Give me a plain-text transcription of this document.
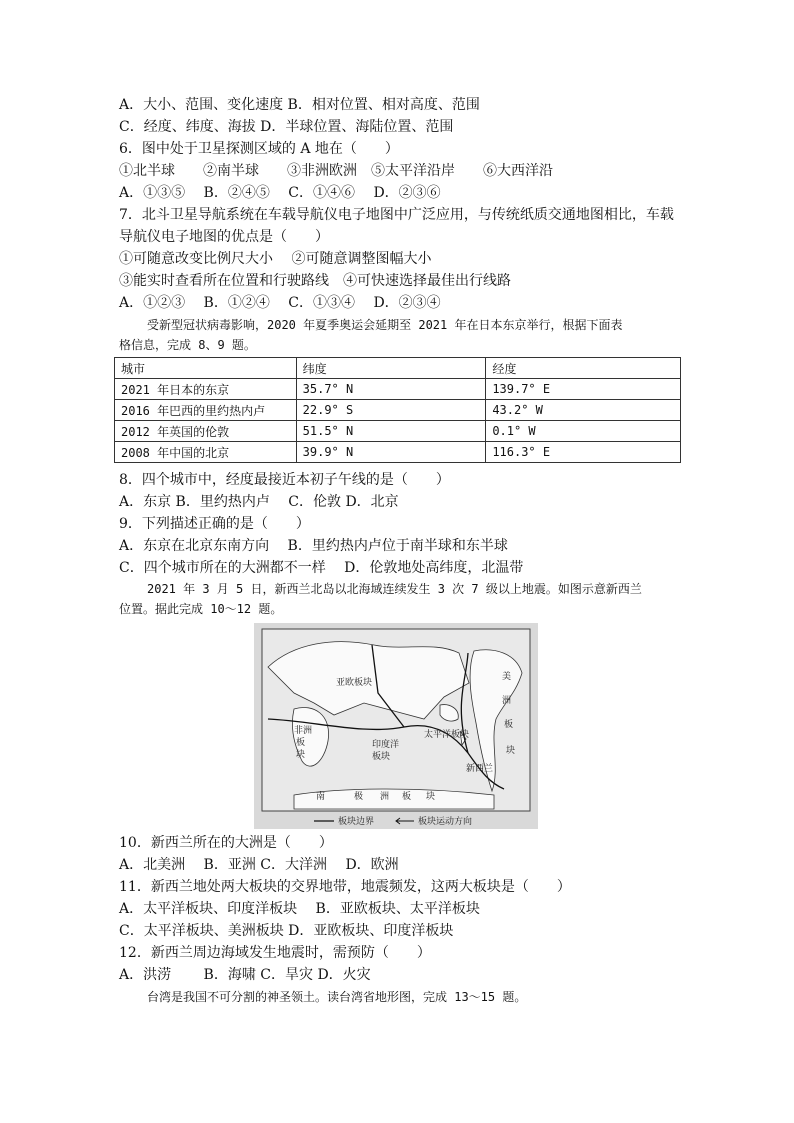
A．大小、范围、变化速度 B．相对位置、相对高度、范围
C．经度、纬度、海拔 D．半球位置、海陆位置、范围
6．图中处于卫星探测区域的 A 地在（　　）
①北半球　　②南半球　　③非洲欧洲　⑤太平洋沿岸　　⑥大西洋沿
A．①③⑤　 B．②④⑤　 C．①④⑥　 D．②③⑥
7．北斗卫星导航系统在车载导航仪电子地图中广泛应用，与传统纸质交通地图相比，车载
导航仪电子地图的优点是（　　）
①可随意改变比例尺大小　 ②可随意调整图幅大小
③能实时查看所在位置和行驶路线　④可快速选择最佳出行线路
A．①②③　 B．①②④　 C．①③④　 D．②③④
受新型冠状病毒影响，2020 年夏季奥运会延期至 2021 年在日本东京举行，根据下面表
格信息，完成 8、9 题。
城市	纬度	经度
2021 年日本的东京	35.7° N	139.7° E
2016 年巴西的里约热内卢	22.9° S	43.2° W
2012 年英国的伦敦	51.5° N	0.1° W
2008 年中国的北京	39.9° N	116.3° E
8．四个城市中，经度最接近本初子午线的是（　　）
A．东京 B．里约热内卢　 C．伦敦 D．北京
9．下列描述正确的是（　　）
A．东京在北京东南方向　 B．里约热内卢位于南半球和东半球
C．四个城市所在的大洲都不一样　 D．伦敦地处高纬度，北温带
2021 年 3 月 5 日，新西兰北岛以北海域连续发生 3 次 7 级以上地震。如图示意新西兰
位置。据此完成 10～12 题。
亚欧板块
美
洲
板
块
非洲
板
块
印度洋
板块
太平洋板块
新西兰
南	极 洲 板 块
板块边界	板块运动方向
10．新西兰所在的大洲是（　　）
A．北美洲　 B．亚洲 C．大洋洲　 D．欧洲
11．新西兰地处两大板块的交界地带，地震频发，这两大板块是（　　）
A．太平洋板块、印度洋板块　 B．亚欧板块、太平洋板块
C．太平洋板块、美洲板块 D．亚欧板块、印度洋板块
12．新西兰周边海域发生地震时，需预防（　　）
A．洪涝　　 B．海啸 C．旱灾 D．火灾
台湾是我国不可分割的神圣领土。读台湾省地形图，完成 13～15 题。
